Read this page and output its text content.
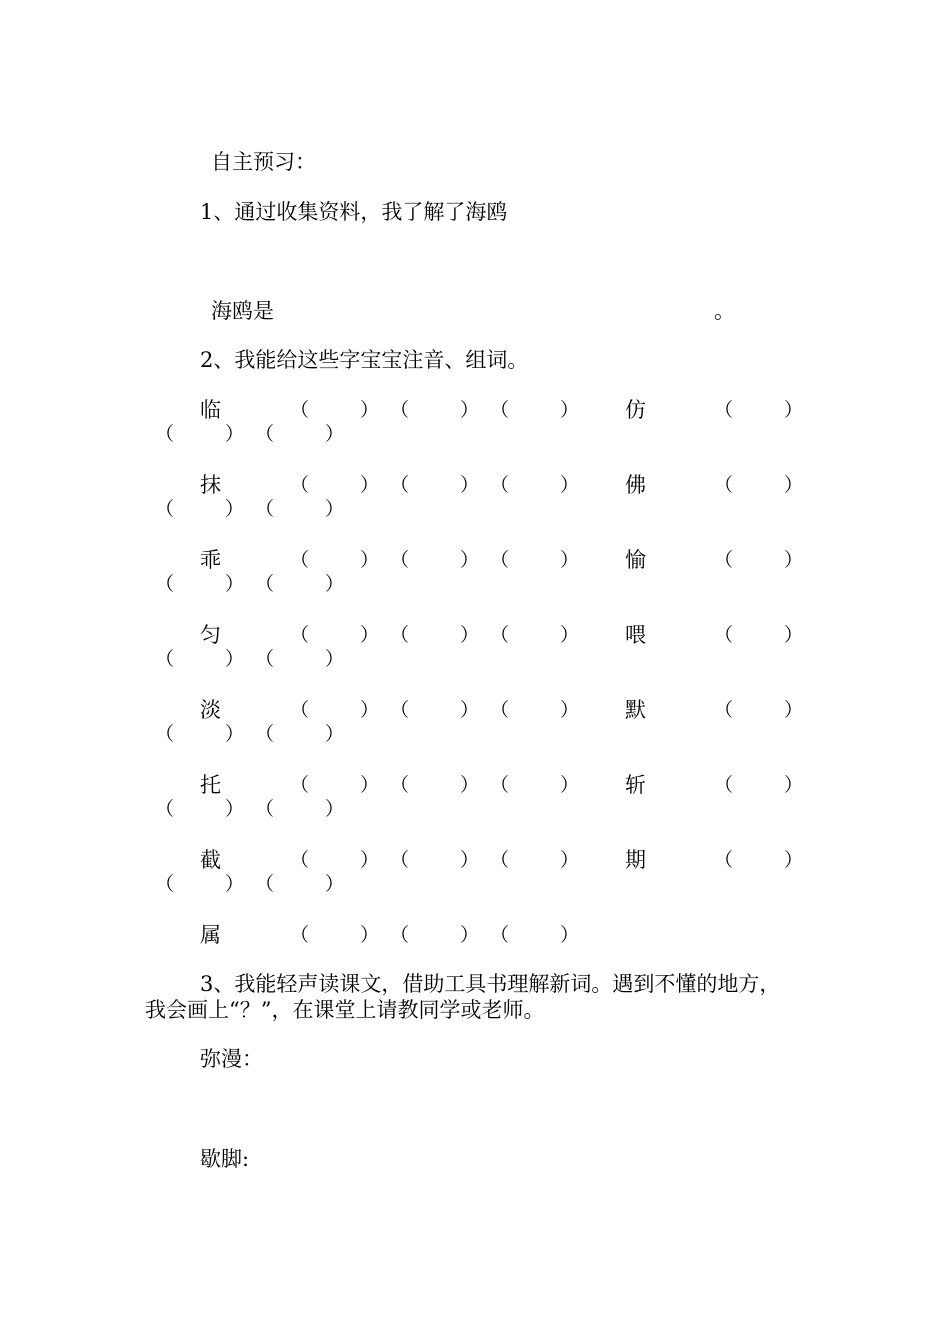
自主预习：
1、通过收集资料，我了解了海鸥
海鸥是	。
2、我能给这些字宝宝注音、组词。
临	（	） （	） （	） 仿	（	）
（	） （	）
抹	（	） （	） （	） 佛	（	）
（	） （	）
乖	（	） （	） （	） 愉	（	）
（	） （	）
匀	（	） （	） （	） 喂	（	）
（	） （	）
淡	（	） （	） （	） 默	（	）
（	） （	）
托	（	） （	） （	） 斩	（	）
（	） （	）
截	（	） （	） （	） 期	（	）
（	） （	）
属	（	） （	） （	）
3、我能轻声读课文，借助工具书理解新词。遇到不懂的地方，
我会画上“？”，在课堂上请教同学或老师。
弥漫：
歇脚:
